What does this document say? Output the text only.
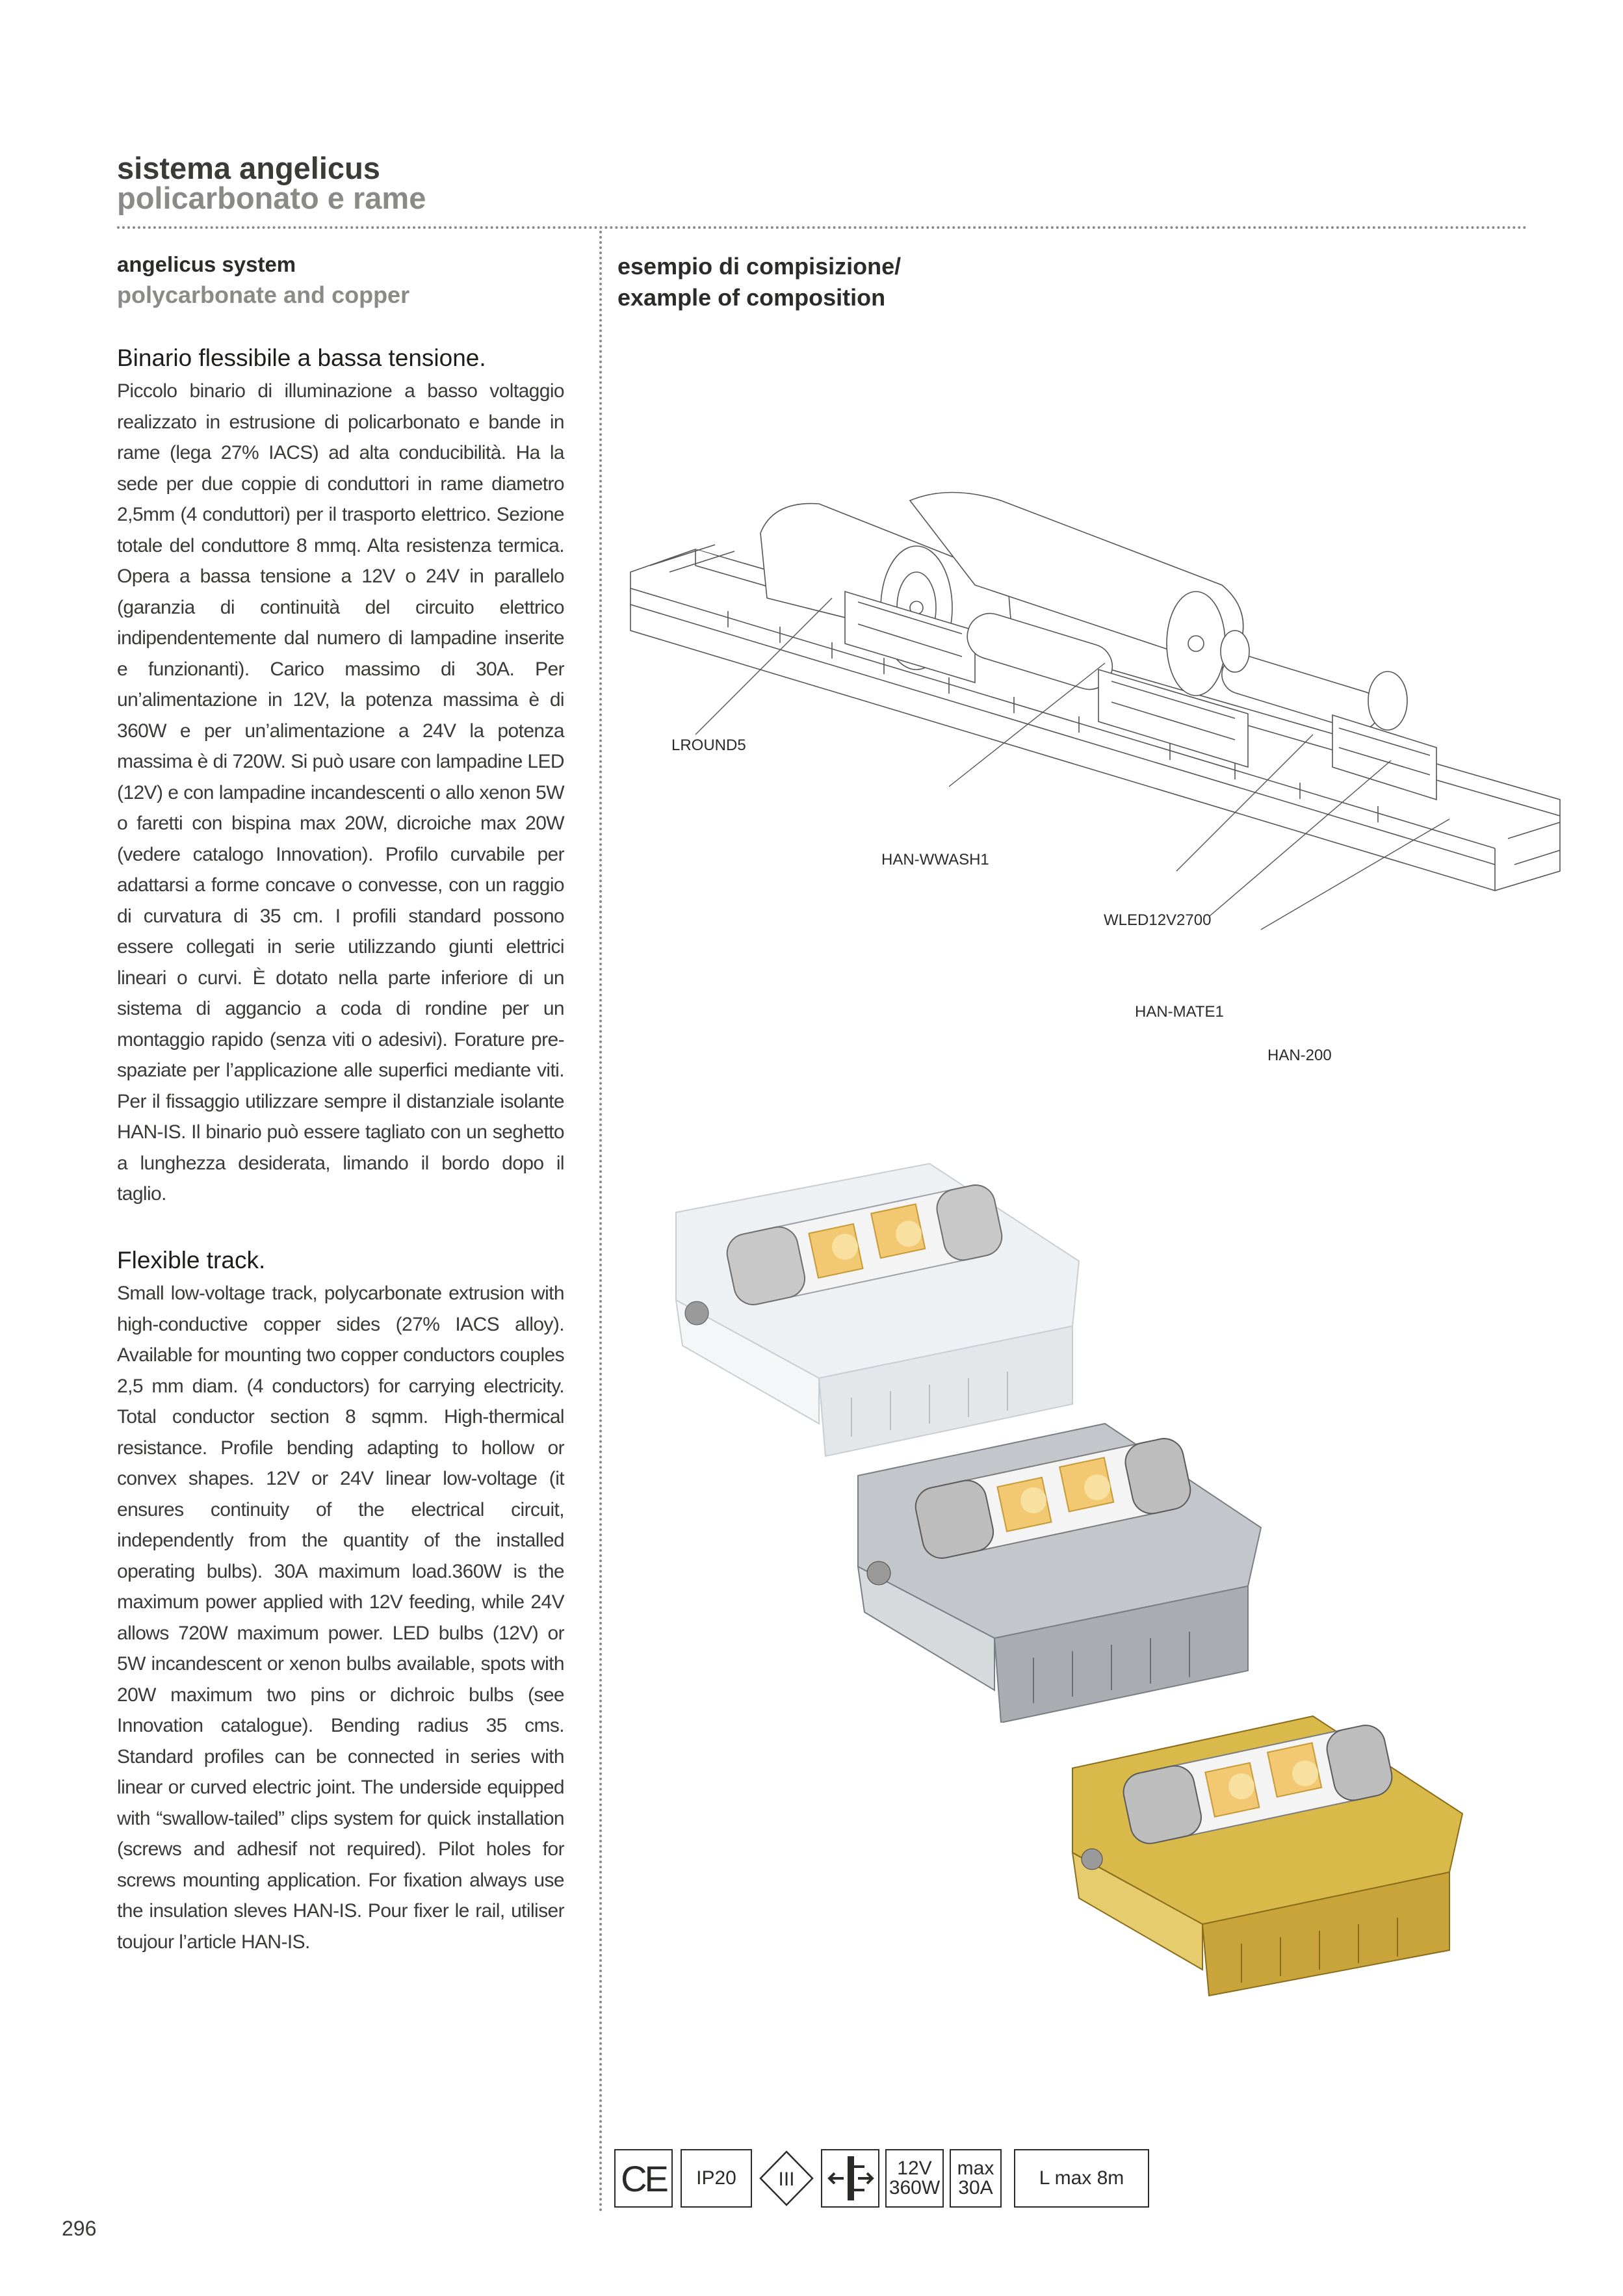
sistema angelicus
policarbonato e rame
angelicus system
polycarbonate and copper
Binario flessibile a bassa tensione.
Piccolo binario di illuminazione a basso voltaggio realizzato in estrusione di policarbonato e bande in rame (lega 27% IACS) ad alta conducibilità. Ha la sede per due coppie di conduttori in rame diametro 2,5mm (4 conduttori) per il trasporto elettrico. Sezione totale del conduttore 8 mmq. Alta resistenza termica. Opera a bassa tensione a 12V o 24V in parallelo (garanzia di continuità del circuito elettrico indipendentemente dal numero di lampadine inserite e funzionanti). Carico massimo di 30A. Per un’alimentazione in 12V, la potenza massima è di 360W e per un’alimentazione a 24V la potenza massima è di 720W. Si può usare con lampadine LED (12V) e con lampadine incandescenti o allo xenon 5W o faretti con bispina max 20W, dicroiche max 20W (vedere catalogo Innovation). Profilo curvabile per adattarsi a forme concave o convesse, con un raggio di curvatura di 35 cm. I profili standard possono essere collegati in serie utilizzando giunti elettrici lineari o curvi. È dotato nella parte inferiore di un sistema di aggancio a coda di rondine per un montaggio rapido (senza viti o adesivi). Forature pre-spaziate per l’applicazione alle superfici mediante viti. Per il fissaggio utilizzare sempre il distanziale isolante HAN-IS. Il binario può essere tagliato con un seghetto a lunghezza desiderata, limando il bordo dopo il taglio.
Flexible track.
Small low-voltage track, polycarbonate extrusion with high-conductive copper sides (27% IACS alloy). Available for mounting two copper conductors couples 2,5 mm diam. (4 conductors) for carrying electricity. Total conductor section 8 sqmm. High-thermical resistance. Profile bending adapting to hollow or convex shapes. 12V or 24V linear low-voltage (it ensures continuity of the electrical circuit, independently from the quantity of the installed operating bulbs). 30A maximum load.360W is the maximum power applied with 12V feeding, while 24V allows 720W maximum power. LED bulbs (12V) or 5W incandescent or xenon bulbs available, spots with 20W maximum two pins or dichroic bulbs (see Innovation catalogue). Bending radius 35 cms. Standard profiles can be connected in series with linear or curved electric joint. The underside equipped with “swallow-tailed” clips system for quick installation (screws and adhesif not required). Pilot holes for screws mounting application. For fixation always use the insulation sleves HAN-IS. Pour fixer le rail, utiliser toujour l’article HAN-IS.
esempio di compisizione/
example of composition
LROUND5
HAN-WWASH1
WLED12V2700
HAN-MATE1
HAN-200
CE IP20 III
12V
360W
max
30A L max 8m
296
